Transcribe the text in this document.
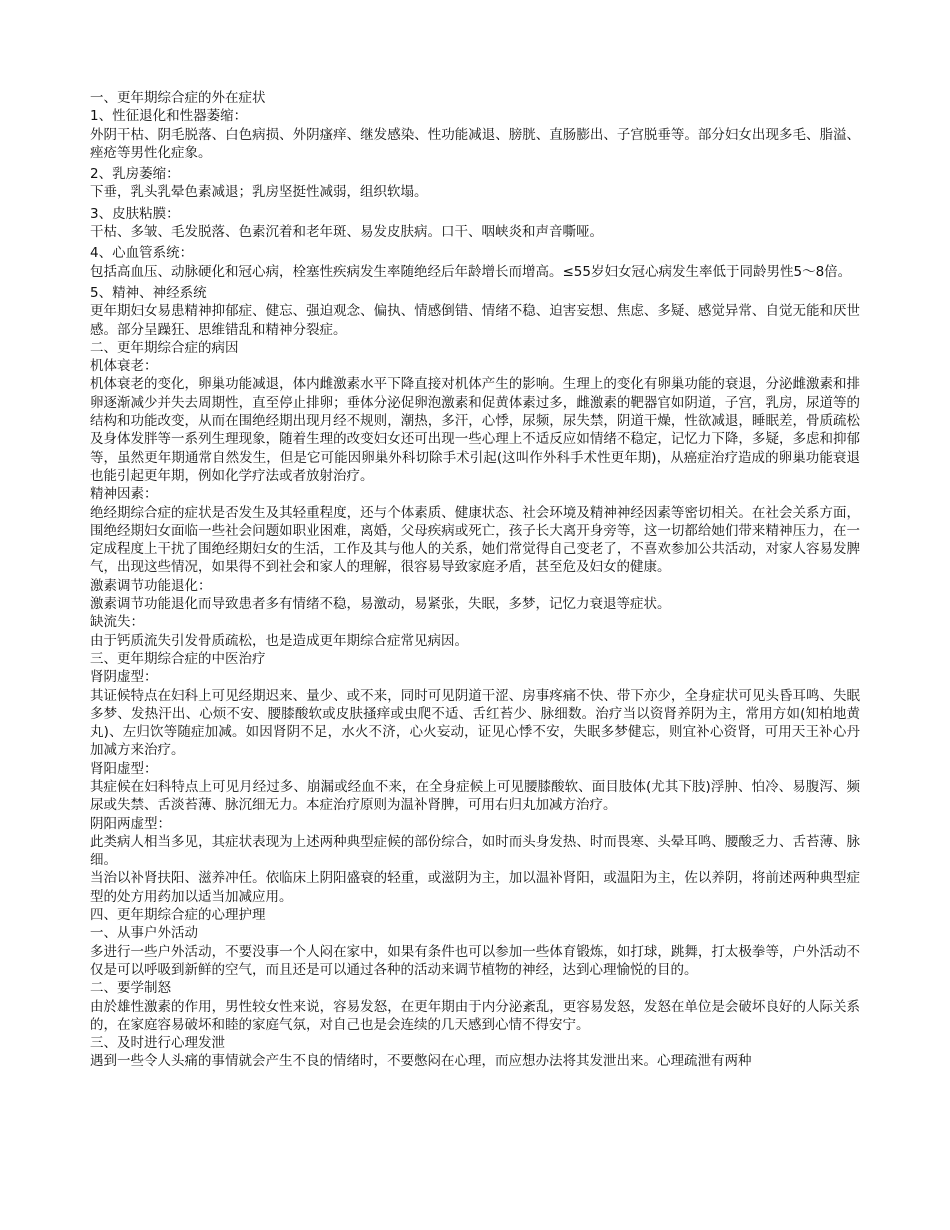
一、更年期综合症的外在症状

1、性征退化和性器萎缩：

外阴干枯、阴毛脱落、白色病损、外阴瘙痒、继发感染、性功能减退、膀胱、直肠膨出、子宫脱垂等。部分妇女出现多毛、脂溢、痤疮等男性化症象。

2、乳房萎缩：

下垂，乳头乳晕色素减退；乳房坚挺性减弱，组织软塌。

3、皮肤粘膜：

干枯、多皱、毛发脱落、色素沉着和老年斑、易发皮肤病。口干、咽峡炎和声音嘶哑。

4、心血管系统：

包括高血压、动脉硬化和冠心病，栓塞性疾病发生率随绝经后年龄增长而增高。≤55岁妇女冠心病发生率低于同龄男性5～8倍。

5、精神、神经系统

更年期妇女易患精神抑郁症、健忘、强迫观念、偏执、情感倒错、情绪不稳、迫害妄想、焦虑、多疑、感觉异常、自觉无能和厌世感。部分呈躁狂、思维错乱和精神分裂症。

二、更年期综合症的病因

机体衰老：

机体衰老的变化，卵巢功能减退，体内雌激素水平下降直接对机体产生的影响。生理上的变化有卵巢功能的衰退，分泌雌激素和排卵逐渐减少并失去周期性，直至停止排卵；垂体分泌促卵泡激素和促黄体素过多，雌激素的靶器官如阴道，子宫，乳房，尿道等的结构和功能改变，从而在围绝经期出现月经不规则，潮热，多汗，心悸，尿频，尿失禁，阴道干燥，性欲减退，睡眠差，骨质疏松及身体发胖等一系列生理现象，随着生理的改变妇女还可出现一些心理上不适反应如情绪不稳定，记忆力下降，多疑，多虑和抑郁等，虽然更年期通常自然发生，但是它可能因卵巢外科切除手术引起(这叫作外科手术性更年期)，从癌症治疗造成的卵巢功能衰退也能引起更年期，例如化学疗法或者放射治疗。

精神因素：

绝经期综合症的症状是否发生及其轻重程度，还与个体素质、健康状态、社会环境及精神神经因素等密切相关。在社会关系方面，围绝经期妇女面临一些社会问题如职业困难，离婚，父母疾病或死亡，孩子长大离开身旁等，这一切都给她们带来精神压力，在一定成程度上干扰了围绝经期妇女的生活，工作及其与他人的关系，她们常觉得自己变老了，不喜欢参加公共活动，对家人容易发脾气，出现这些情况，如果得不到社会和家人的理解，很容易导致家庭矛盾，甚至危及妇女的健康。

激素调节功能退化：

激素调节功能退化而导致患者多有情绪不稳，易激动，易紧张，失眠，多梦，记忆力衰退等症状。

缺流失：

由于钙质流失引发骨质疏松，也是造成更年期综合症常见病因。

三、更年期综合症的中医治疗

肾阴虚型：

其证候特点在妇科上可见经期迟来、量少、或不来，同时可见阴道干涩、房事疼痛不快、带下亦少，全身症状可见头昏耳鸣、失眠多梦、发热汗出、心烦不安、腰膝酸软或皮肤搔痒或虫爬不适、舌红苔少、脉细数。治疗当以资肾养阴为主，常用方如(知柏地黄丸)、左归饮等随症加减。如因肾阴不足，水火不济，心火妄动，证见心悸不安，失眠多梦健忘，则宜补心资肾，可用天王补心丹加减方来治疗。

肾阳虚型：

其症候在妇科特点上可见月经过多、崩漏或经血不来，在全身症候上可见腰膝酸软、面目肢体(尤其下肢)浮肿、怕冷、易腹泻、频尿或失禁、舌淡苔薄、脉沉细无力。本症治疗原则为温补肾脾，可用右归丸加减方治疗。

阴阳两虚型：

此类病人相当多见，其症状表现为上述两种典型症候的部份综合，如时而头身发热、时而畏寒、头晕耳鸣、腰酸乏力、舌苔薄、脉细。

当治以补肾扶阳、滋养冲任。依临床上阴阳盛衰的轻重，或滋阴为主，加以温补肾阳，或温阳为主，佐以养阴，将前述两种典型症型的处方用药加以适当加减应用。

四、更年期综合症的心理护理

一、从事户外活动

多进行一些户外活动，不要没事一个人闷在家中，如果有条件也可以参加一些体育锻炼，如打球，跳舞，打太极拳等，户外活动不仅是可以呼吸到新鲜的空气，而且还是可以通过各种的活动来调节植物的神经，达到心理愉悦的目的。

二、要学制怒

由於雄性激素的作用，男性较女性来说，容易发怒，在更年期由于内分泌紊乱，更容易发怒，发怒在单位是会破坏良好的人际关系的，在家庭容易破坏和睦的家庭气氛，对自己也是会连续的几天感到心情不得安宁。

三、及时进行心理发泄

遇到一些令人头痛的事情就会产生不良的情绪时，不要憋闷在心理，而应想办法将其发泄出来。心理疏泄有两种
